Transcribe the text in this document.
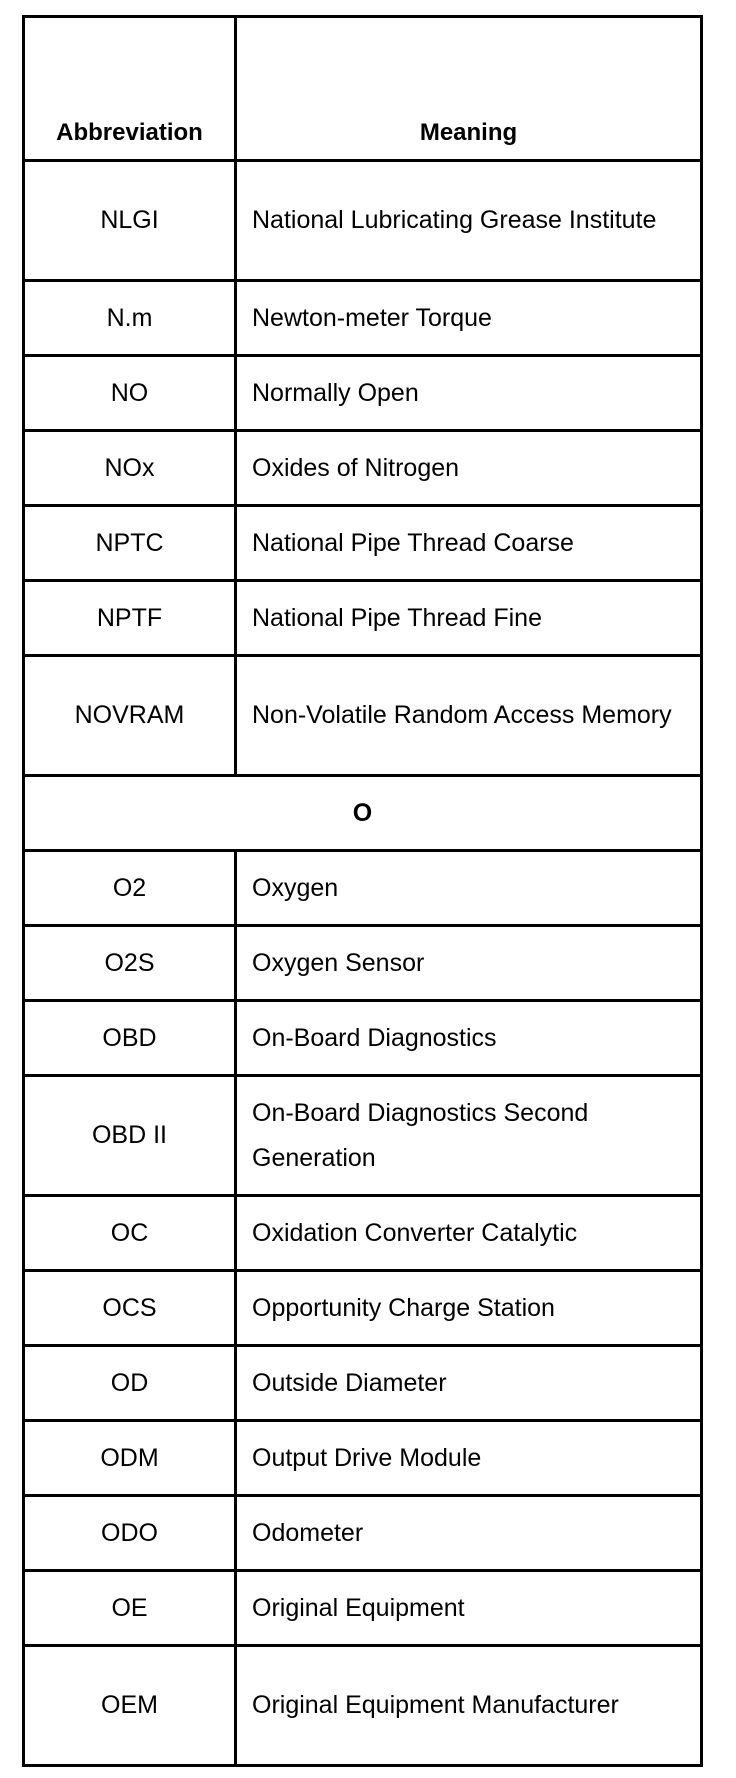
Abbreviation	Meaning
NLGI	National Lubricating Grease Institute
N.m	Newton-meter Torque
NO	Normally Open
NOx	Oxides of Nitrogen
NPTC	National Pipe Thread Coarse
NPTF	National Pipe Thread Fine
NOVRAM	Non-Volatile Random Access Memory
O	
O2	Oxygen
O2S	Oxygen Sensor
OBD	On-Board Diagnostics
OBD II	On-Board Diagnostics Second Generation
OC	Oxidation Converter Catalytic
OCS	Opportunity Charge Station
OD	Outside Diameter
ODM	Output Drive Module
ODO	Odometer
OE	Original Equipment
OEM	Original Equipment Manufacturer
